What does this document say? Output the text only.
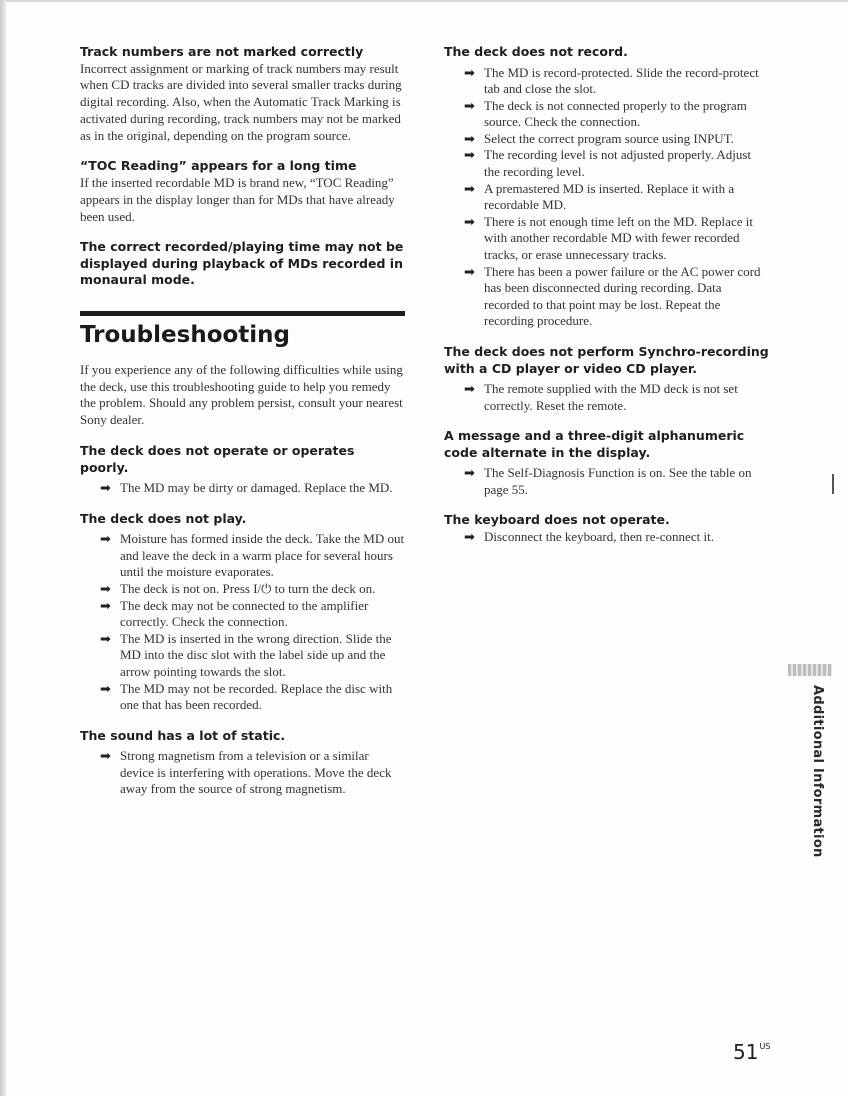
Track numbers are not marked correctly

Incorrect assignment or marking of track numbers may result when CD tracks are divided into several smaller tracks during digital recording. Also, when the Automatic Track Marking is activated during recording, track numbers may not be marked as in the original, depending on the program source.

“TOC Reading” appears for a long time

If the inserted recordable MD is brand new, “TOC Reading” appears in the display longer than for MDs that have already been used.

The correct recorded/playing time may not be displayed during playback of MDs recorded in monaural mode.

Troubleshooting

If you experience any of the following difficulties while using the deck, use this troubleshooting guide to help you remedy the problem. Should any problem persist, consult your nearest Sony dealer.

The deck does not operate or operates poorly.

➡ The MD may be dirty or damaged. Replace the MD.

The deck does not play.

➡ Moisture has formed inside the deck. Take the MD out and leave the deck in a warm place for several hours until the moisture evaporates.
➡ The deck is not on. Press I/⏻ to turn the deck on.
➡ The deck may not be connected to the amplifier correctly. Check the connection.
➡ The MD is inserted in the wrong direction. Slide the MD into the disc slot with the label side up and the arrow pointing towards the slot.
➡ The MD may not be recorded. Replace the disc with one that has been recorded.

The sound has a lot of static.

➡ Strong magnetism from a television or a similar device is interfering with operations. Move the deck away from the source of strong magnetism.

The deck does not record.

➡ The MD is record-protected. Slide the record-protect tab and close the slot.
➡ The deck is not connected properly to the program source. Check the connection.
➡ Select the correct program source using INPUT.
➡ The recording level is not adjusted properly. Adjust the recording level.
➡ A premastered MD is inserted. Replace it with a recordable MD.
➡ There is not enough time left on the MD. Replace it with another recordable MD with fewer recorded tracks, or erase unnecessary tracks.
➡ There has been a power failure or the AC power cord has been disconnected during recording. Data recorded to that point may be lost. Repeat the recording procedure.

The deck does not perform Synchro-recording with a CD player or video CD player.

➡ The remote supplied with the MD deck is not set correctly. Reset the remote.

A message and a three-digit alphanumeric code alternate in the display.

➡ The Self-Diagnosis Function is on. See the table on page 55.

The keyboard does not operate.

➡ Disconnect the keyboard, then re-connect it.
Additional Information
$51^{US}$
